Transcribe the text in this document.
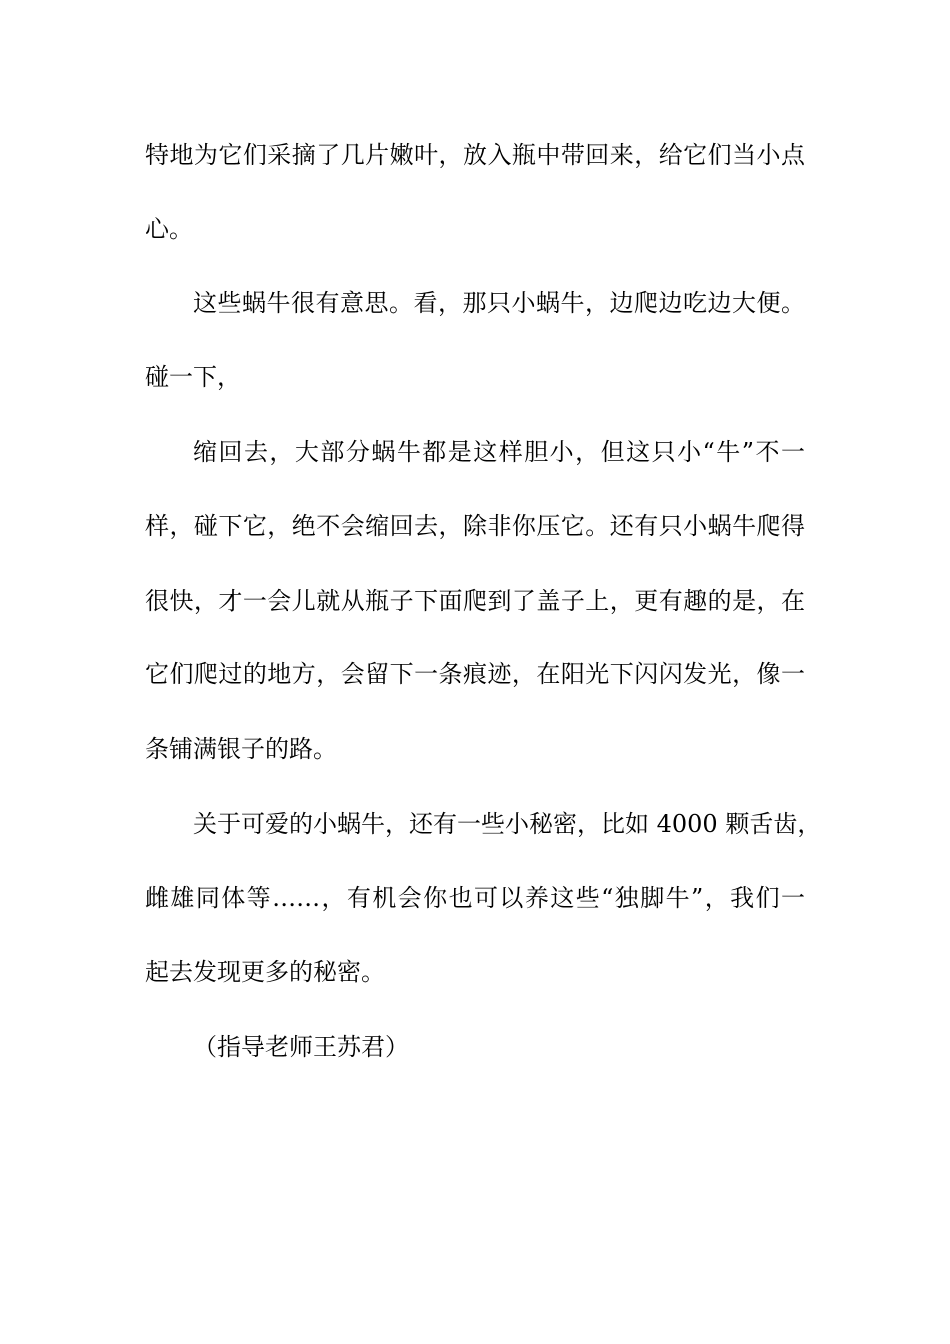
特地为它们采摘了几片嫩叶，放入瓶中带回来，给它们当小点
心。
这些蜗牛很有意思。看，那只小蜗牛，边爬边吃边大便。
碰一下，
缩回去，大部分蜗牛都是这样胆小，但这只小“牛”不一
样，碰下它，绝不会缩回去，除非你压它。还有只小蜗牛爬得
很快，才一会儿就从瓶子下面爬到了盖子上，更有趣的是，在
它们爬过的地方，会留下一条痕迹，在阳光下闪闪发光，像一
条铺满银子的路。
关于可爱的小蜗牛，还有一些小秘密，比如 4000 颗舌齿，
雌雄同体等……，有机会你也可以养这些“独脚牛”，我们一
起去发现更多的秘密。
（指导老师王苏君）
